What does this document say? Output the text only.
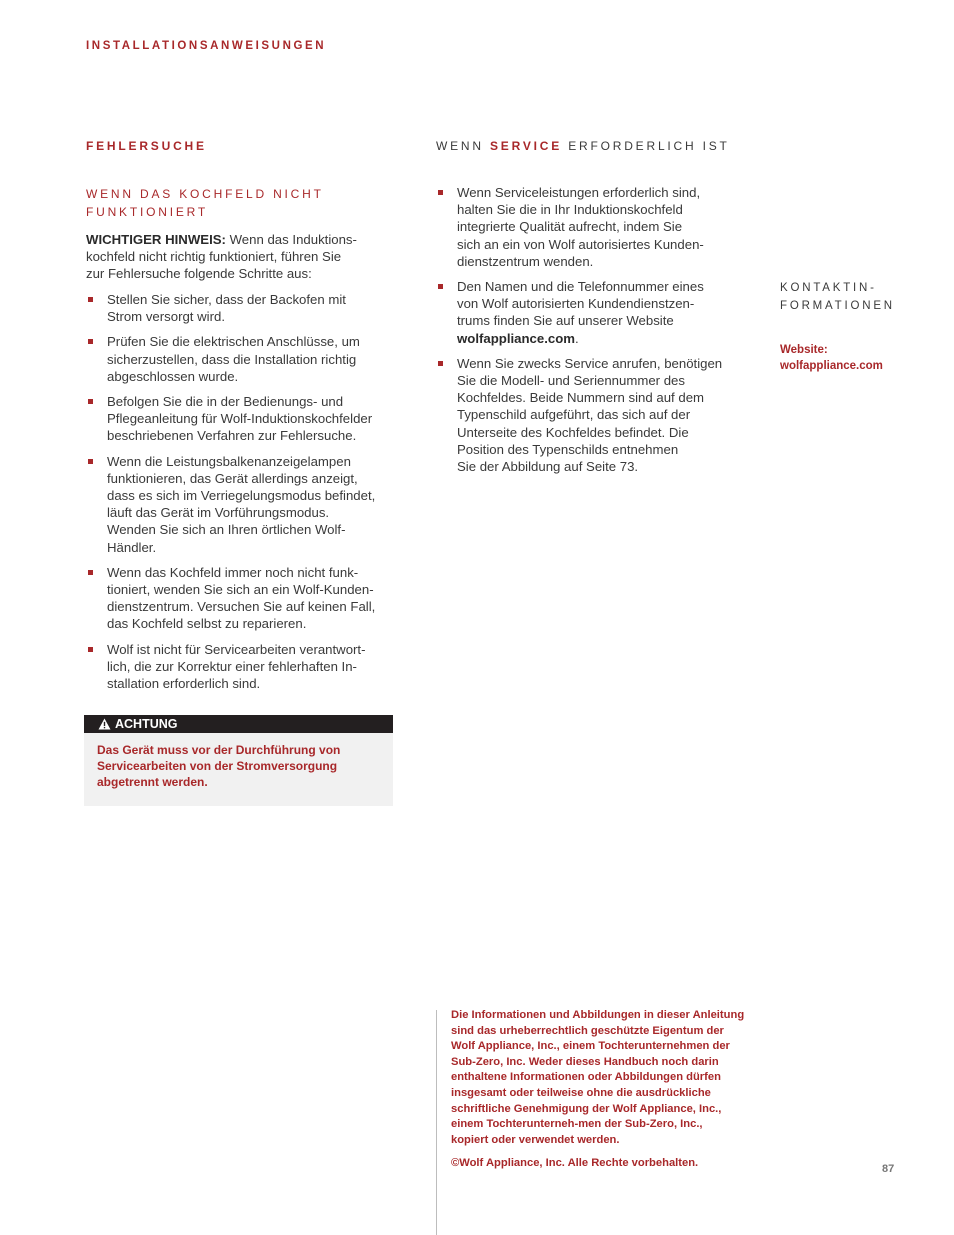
INSTALLATIONSANWEISUNGEN
FEHLERSUCHE
WENN DAS KOCHFELD NICHT
FUNKTIONIERT
WICHTIGER HINWEIS: Wenn das Induktions-
kochfeld nicht richtig funktioniert, führen Sie
zur Fehlersuche folgende Schritte aus:
Stellen Sie sicher, dass der Backofen mit
Strom versorgt wird.
Prüfen Sie die elektrischen Anschlüsse, um
sicherzustellen, dass die Installation richtig
abgeschlossen wurde.
Befolgen Sie die in der Bedienungs- und
Pflegeanleitung für Wolf-Induktionskochfelder
beschriebenen Verfahren zur Fehlersuche.
Wenn die Leistungsbalkenanzeigelampen
funktionieren, das Gerät allerdings anzeigt,
dass es sich im Verriegelungsmodus befindet,
läuft das Gerät im Vorführungsmodus.
Wenden Sie sich an Ihren örtlichen Wolf-
Händler.
Wenn das Kochfeld immer noch nicht funk-
tioniert, wenden Sie sich an ein Wolf-Kunden-
dienstzentrum. Versuchen Sie auf keinen Fall,
das Kochfeld selbst zu reparieren.
Wolf ist nicht für Servicearbeiten verantwort-
lich, die zur Korrektur einer fehlerhaften In-
stallation erforderlich sind.
ACHTUNG
Das Gerät muss vor der Durchführung von
Servicearbeiten von der Stromversorgung
abgetrennt werden.
WENN SERVICE ERFORDERLICH IST
Wenn Serviceleistungen erforderlich sind,
halten Sie die in Ihr Induktionskochfeld
integrierte Qualität aufrecht, indem Sie
sich an ein von Wolf autorisiertes Kunden-
dienstzentrum wenden.
Den Namen und die Telefonnummer eines
von Wolf autorisierten Kundendienstzen-
trums finden Sie auf unserer Website
wolfappliance.com.
Wenn Sie zwecks Service anrufen, benötigen
Sie die Modell- und Seriennummer des
Kochfeldes. Beide Nummern sind auf dem
Typenschild aufgeführt, das sich auf der
Unterseite des Kochfeldes befindet. Die
Position des Typenschilds entnehmen
Sie der Abbildung auf Seite 73.
KONTAKTIN-
FORMATIONEN
Website:
wolfappliance.com
Die Informationen und Abbildungen in dieser Anleitung
sind das urheberrechtlich geschützte Eigentum der
Wolf Appliance, Inc., einem Tochterunternehmen der
Sub-Zero, Inc. Weder dieses Handbuch noch darin
enthaltene Informationen oder Abbildungen dürfen
insgesamt oder teilweise ohne die ausdrückliche
schriftliche Genehmigung der Wolf Appliance, Inc.,
einem Tochterunterneh-men der Sub-Zero, Inc.,
kopiert oder verwendet werden.
©Wolf Appliance, Inc. Alle Rechte vorbehalten.	87
